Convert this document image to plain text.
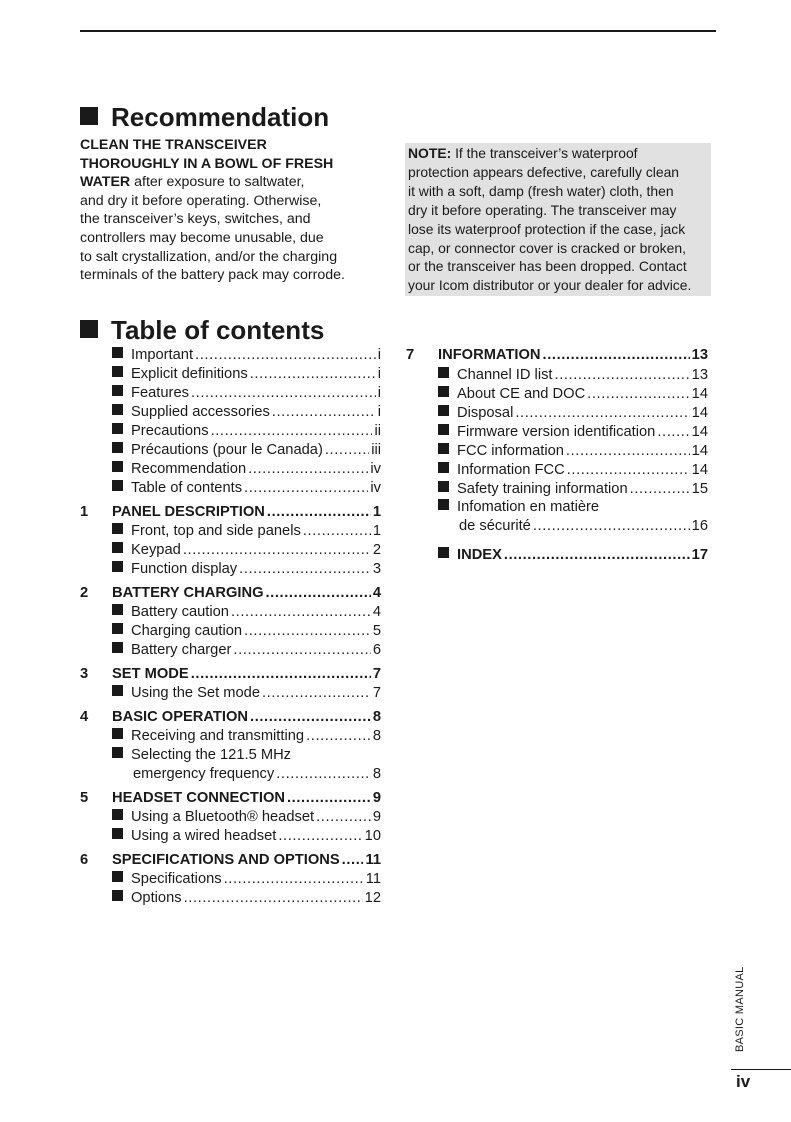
Recommendation
CLEAN THE TRANSCEIVER
THOROUGHLY IN A BOWL OF FRESH
WATER after exposure to saltwater,
and dry it before operating. Otherwise,
the transceiver’s keys, switches, and
controllers may become unusable, due
to salt crystallization, and/or the charging
terminals of the battery pack may corrode.
NOTE: If the transceiver’s waterproof
protection appears defective, carefully clean
it with a soft, damp (fresh water) cloth, then
dry it before operating. The transceiver may
lose its waterproof protection if the case, jack
cap, or connector cover is cracked or broken,
or the transceiver has been dropped. Contact
your Icom distributor or your dealer for advice.
Table of contents
Important .....	i
Explicit definitions .....	i
Features .....	i
Supplied accessories .....	i
Precautions .....	ii
Précautions (pour le Canada) .....	iii
Recommendation .....	iv
Table of contents .....	iv
1 PANEL DESCRIPTION .....	1
Front, top and side panels .....	1
Keypad .....	2
Function display .....	3
2 BATTERY CHARGING .....	4
Battery caution .....	4
Charging caution .....	5
Battery charger .....	6
3 SET MODE .....	7
Using the Set mode .....	7
4 BASIC OPERATION .....	8
Receiving and transmitting .....	8
Selecting the 121.5 MHz
emergency frequency .....	8
5 HEADSET CONNECTION .....	9
Using a Bluetooth® headset .....	9
Using a wired headset .....	10
6 SPECIFICATIONS AND OPTIONS ..... 11
Specifications .....	11
Options .....	12
7 INFORMATION .....	13
Channel ID list .....	13
About CE and DOC .....	14
Disposal .....	14
Firmware version identification ..... 14
FCC information .....	14
Information FCC .....	14
Safety training information .....	15
Infomation en matière
de sécurité .....	16
INDEX .....	17
BASIC MANUAL
iv
